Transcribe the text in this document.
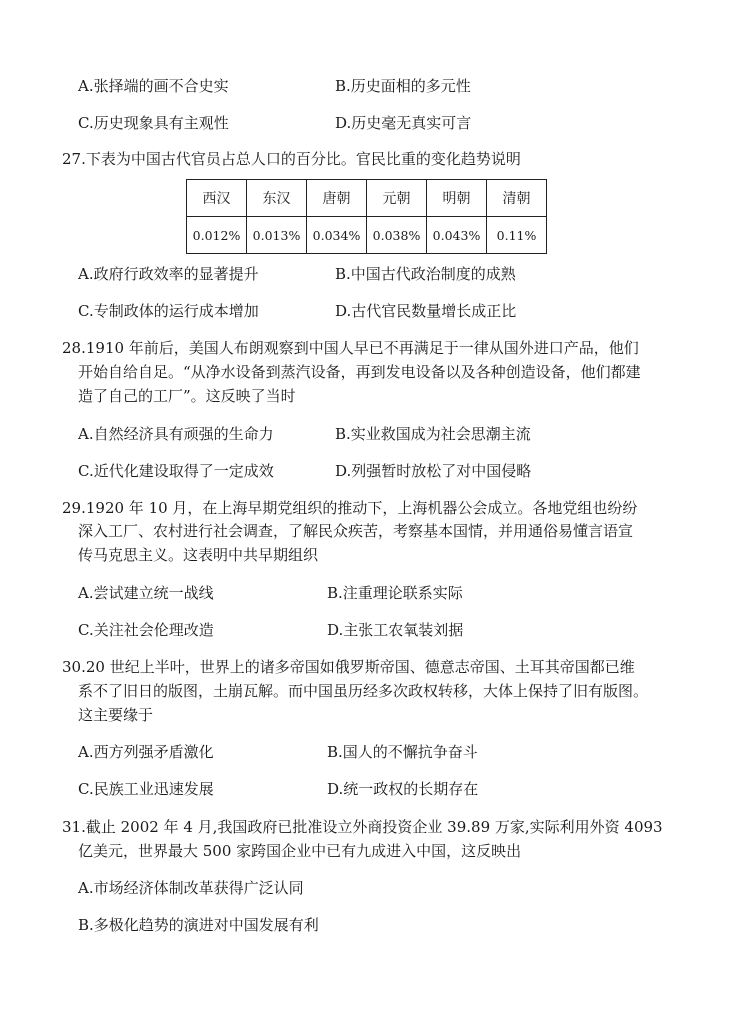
A.张择端的画不合史实	B.历史面相的多元性
C.历史现象具有主观性	D.历史毫无真实可言
27.下表为中国古代官员占总人口的百分比。官民比重的变化趋势说明
西汉	东汉	唐朝	元朝	明朝	清朝
0.012%	0.013%	0.034%	0.038%	0.043%	0.11%
A.政府行政效率的显著提升	B.中国古代政治制度的成熟
C.专制政体的运行成本增加	D.古代官民数量增长成正比
28.1910 年前后，美国人布朗观察到中国人早已不再满足于一律从国外进口产品，他们
开始自给自足。“从净水设备到蒸汽设备，再到发电设备以及各种创造设备，他们都建
造了自己的工厂”。这反映了当时
A.自然经济具有顽强的生命力	B.实业救国成为社会思潮主流
C.近代化建设取得了一定成效	D.列强暂时放松了对中国侵略
29.1920 年 10 月，在上海早期党组织的推动下，上海机器公会成立。各地党组也纷纷
深入工厂、农村进行社会调查，了解民众疾苦，考察基本国情，并用通俗易懂言语宣
传马克思主义。这表明中共早期组织
A.尝试建立统一战线	B.注重理论联系实际
C.关注社会伦理改造	D.主张工农氧装刘据
30.20 世纪上半叶，世界上的诸多帝国如俄罗斯帝国、德意志帝国、土耳其帝国都已维
系不了旧日的版图，土崩瓦解。而中国虽历经多次政权转移，大体上保持了旧有版图。
这主要缘于
A.西方列强矛盾激化	B.国人的不懈抗争奋斗
C.民族工业迅速发展	D.统一政权的长期存在
31.截止 2002 年 4 月,我国政府已批准设立外商投资企业 39.89 万家,实际利用外资 4093
亿美元，世界最大 500 家跨国企业中已有九成进入中国，这反映出
A.市场经济体制改革获得广泛认同
B.多极化趋势的演进对中国发展有利
